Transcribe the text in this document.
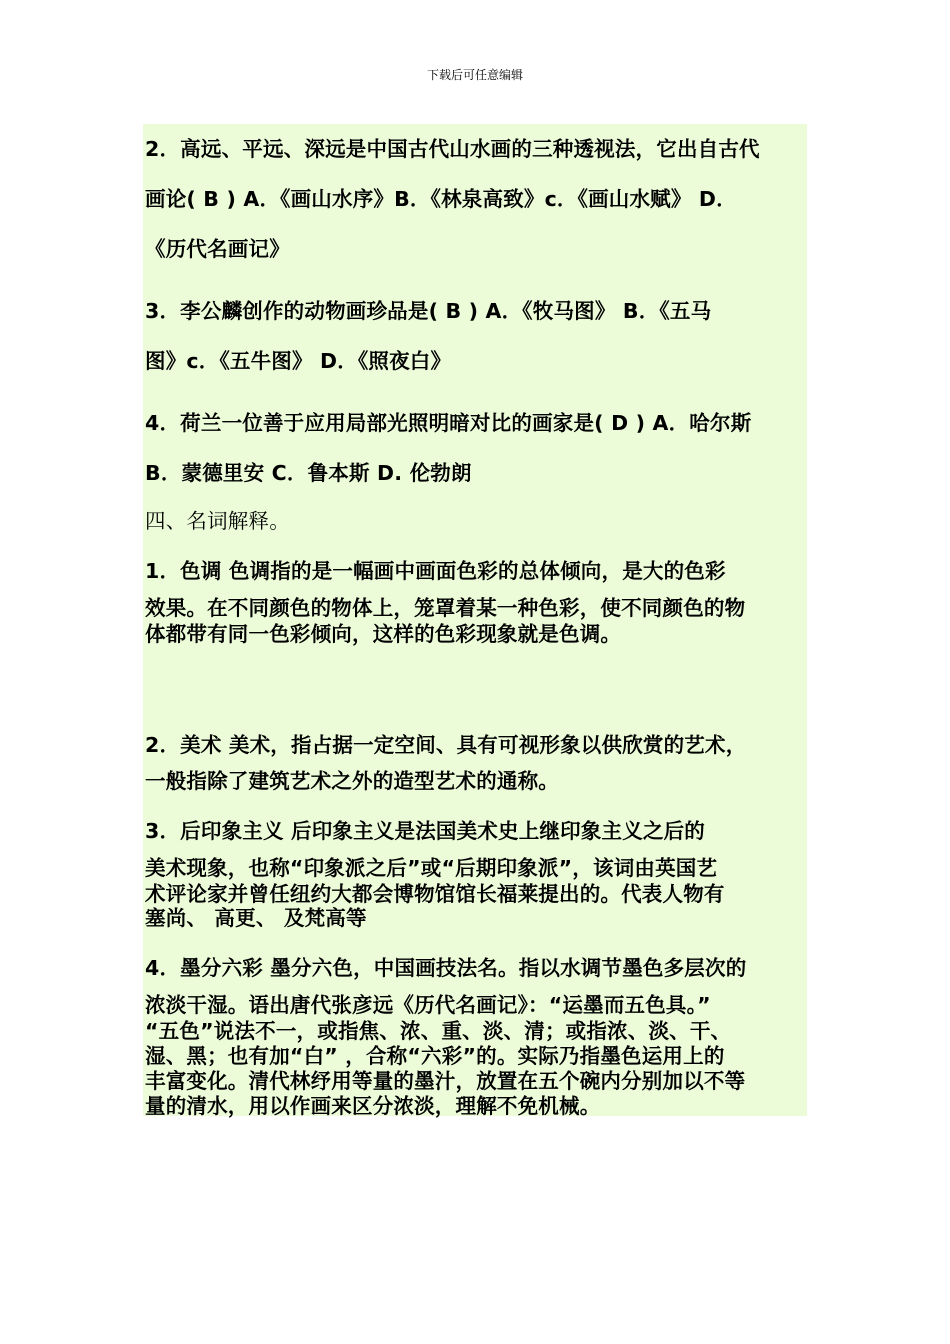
下载后可任意编辑
2．高远、平远、深远是中国古代山水画的三种透视法，它出自古代
画论( B ) A．《画山水序》B．《林泉高致》c．《画山水赋》 D．
《历代名画记》
3．李公麟创作的动物画珍品是( B ) A．《牧马图》 B．《五马
图》c．《五牛图》 D．《照夜白》
4．荷兰一位善于应用局部光照明暗对比的画家是( D ) A．哈尔斯
B．蒙德里安 C．鲁本斯 D. 伦勃朗
四、名词解释。
1．色调 色调指的是一幅画中画面色彩的总体倾向，是大的色彩
效果。在不同颜色的物体上，笼罩着某一种色彩，使不同颜色的物
体都带有同一色彩倾向，这样的色彩现象就是色调。
2．美术 美术，指占据一定空间、具有可视形象以供欣赏的艺术，
一般指除了建筑艺术之外的造型艺术的通称。
3．后印象主义 后印象主义是法国美术史上继印象主义之后的
美术现象，也称“印象派之后”或“后期印象派”，该词由英国艺
术评论家并曾任纽约大都会博物馆馆长福莱提出的。代表人物有
塞尚、 高更、 及梵高等
4．墨分六彩 墨分六色，中国画技法名。指以水调节墨色多层次的
浓淡干湿。语出唐代张彦远《历代名画记》：“运墨而五色具。”
“五色”说法不一，或指焦、浓、重、淡、清；或指浓、淡、干、
湿、黑；也有加“白” ，合称“六彩”的。实际乃指墨色运用上的
丰富变化。清代林纾用等量的墨汁，放置在五个碗内分别加以不等
量的清水，用以作画来区分浓淡，理解不免机械。
